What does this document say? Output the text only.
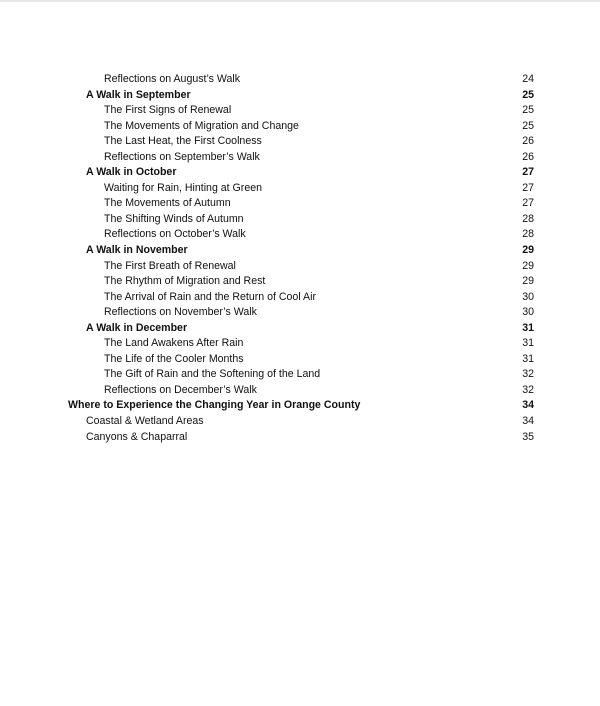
Reflections on August’s Walk	24
A Walk in September	25
The First Signs of Renewal	25
The Movements of Migration and Change	25
The Last Heat, the First Coolness	26
Reflections on September’s Walk	26
A Walk in October	27
Waiting for Rain, Hinting at Green	27
The Movements of Autumn	27
The Shifting Winds of Autumn	28
Reflections on October’s Walk	28
A Walk in November	29
The First Breath of Renewal	29
The Rhythm of Migration and Rest	29
The Arrival of Rain and the Return of Cool Air	30
Reflections on November’s Walk	30
A Walk in December	31
The Land Awakens After Rain	31
The Life of the Cooler Months	31
The Gift of Rain and the Softening of the Land	32
Reflections on December’s Walk	32
Where to Experience the Changing Year in Orange County	34
Coastal & Wetland Areas	34
Canyons & Chaparral	35
